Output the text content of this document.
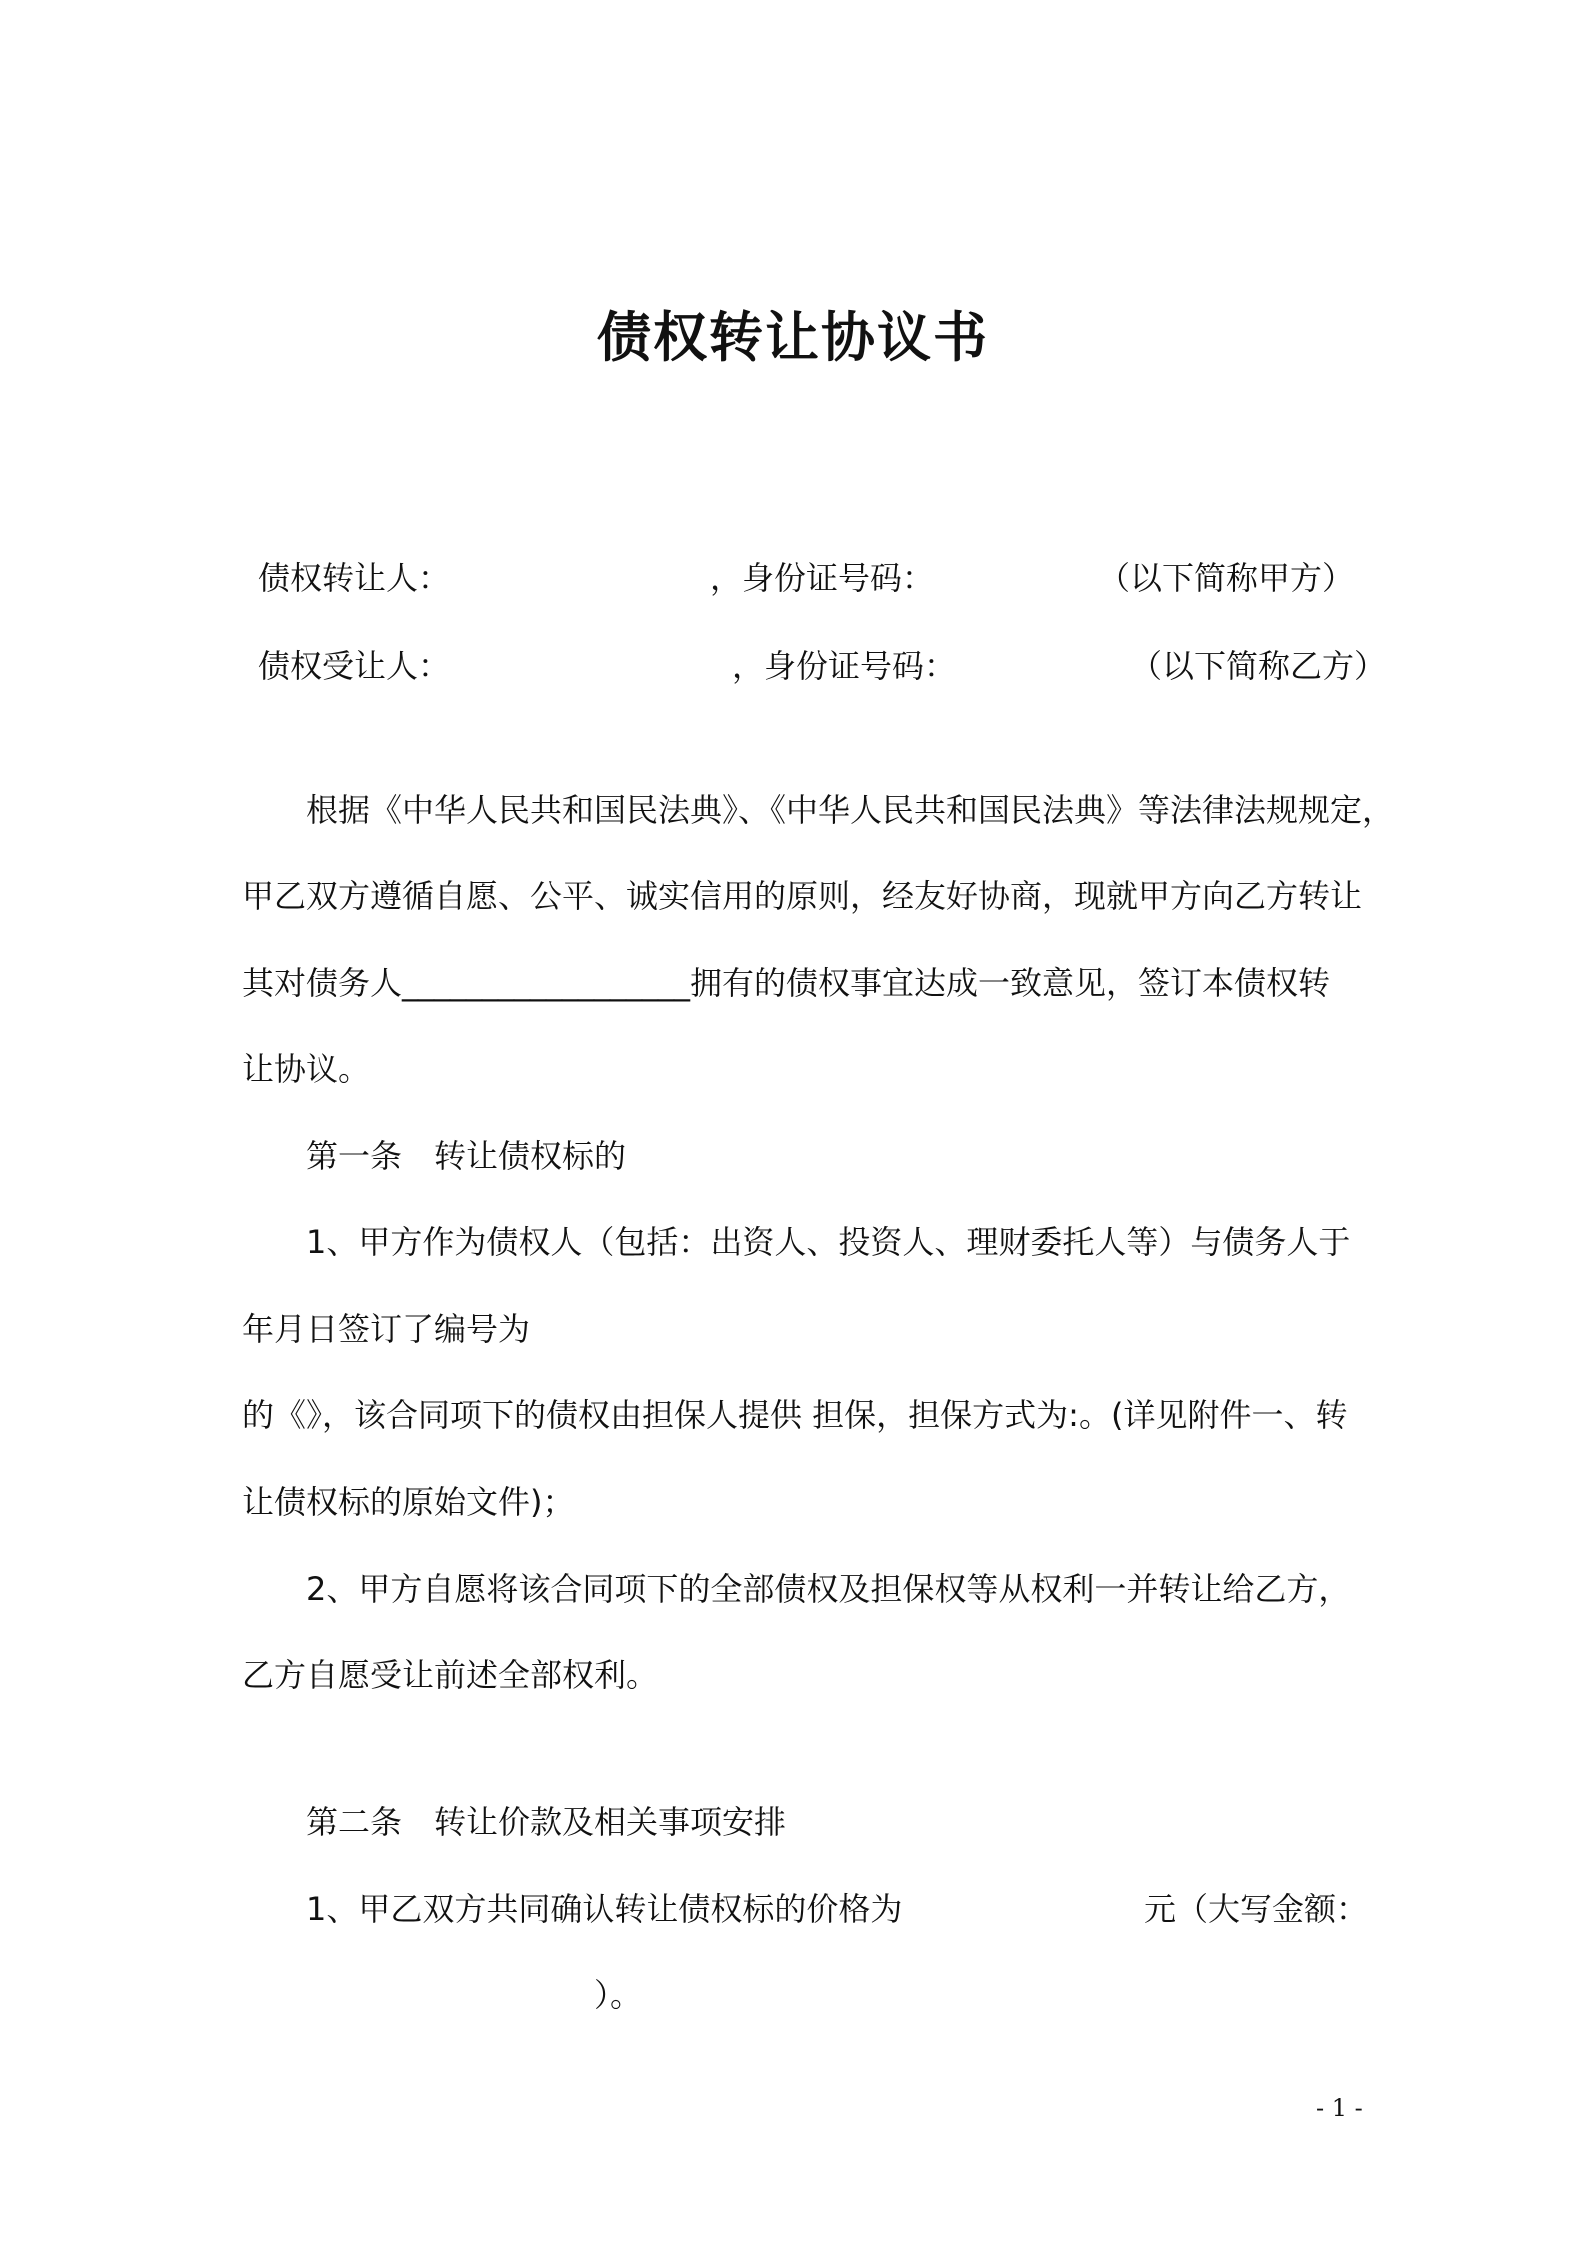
债权转让协议书
债权转让人：	，身份证号码：	（以下简称甲方）
债权受让人：	，身份证号码：	（以下简称乙方）
根据《中华人民共和国民法典》、《中华人民共和国民法典》等法律法规规定，
甲乙双方遵循自愿、公平、诚实信用的原则，经友好协商，现就甲方向乙方转让
其对债务人__________________拥有的债权事宜达成一致意见，签订本债权转
让协议。
第一条　转让债权标的
1、甲方作为债权人（包括：出资人、投资人、理财委托人等）与债务人于
年月日签订了编号为
的《》，该合同项下的债权由担保人提供 担保，担保方式为:。(详见附件一、转
让债权标的原始文件)；
2、甲方自愿将该合同项下的全部债权及担保权等从权利一并转让给乙方，
乙方自愿受让前述全部权利。
第二条　转让价款及相关事项安排
1、甲乙双方共同确认转让债权标的价格为	元（大写金额：
）。
- 1 -
